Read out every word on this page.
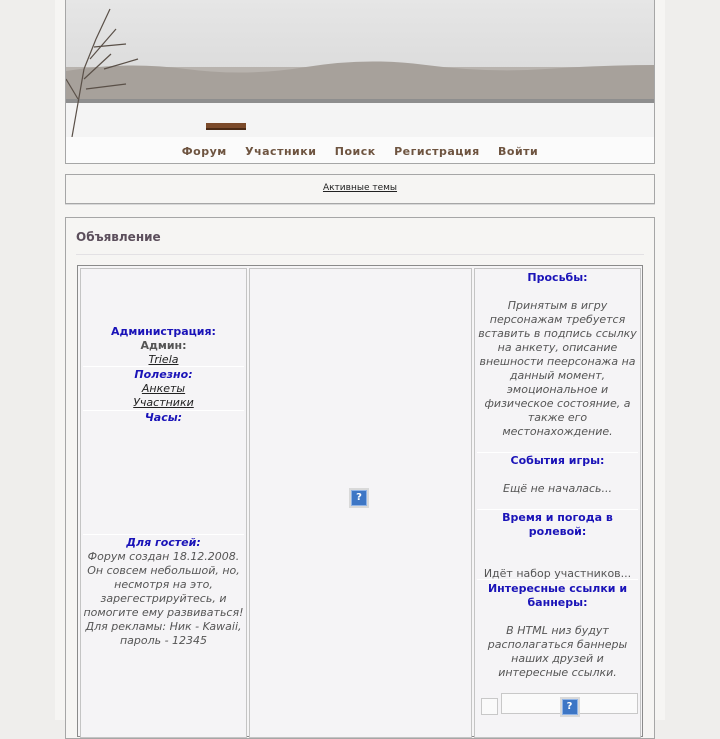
Форум Участники Поиск Регистрация Войти
Активные темы
Объявление
Администрация:
Админ:
Triela
Полезно:
Анкеты
Участники
Часы:
Для гостей:
Форум создан 18.12.2008. Он совсем небольшой, но, несмотря на это, зарегестрируйтесь, и помогите ему развиваться! Для рекламы: Ник - Kawaii, пароль - 12345
?
Просьбы:
Принятым в игру персонажам требуется вставить в подпись ссылку на анкету, описание внешности пеерсонажа на данный момент, эмоциональное и физическое состояние, а также его местонахождение.
События игры:
Ещё не началась...
Время и погода в ролевой:
Идёт набор участников...
Интересные ссылки и баннеры:
В HTML низ будут располагаться баннеры наших друзей и интересные ссылки.
?
